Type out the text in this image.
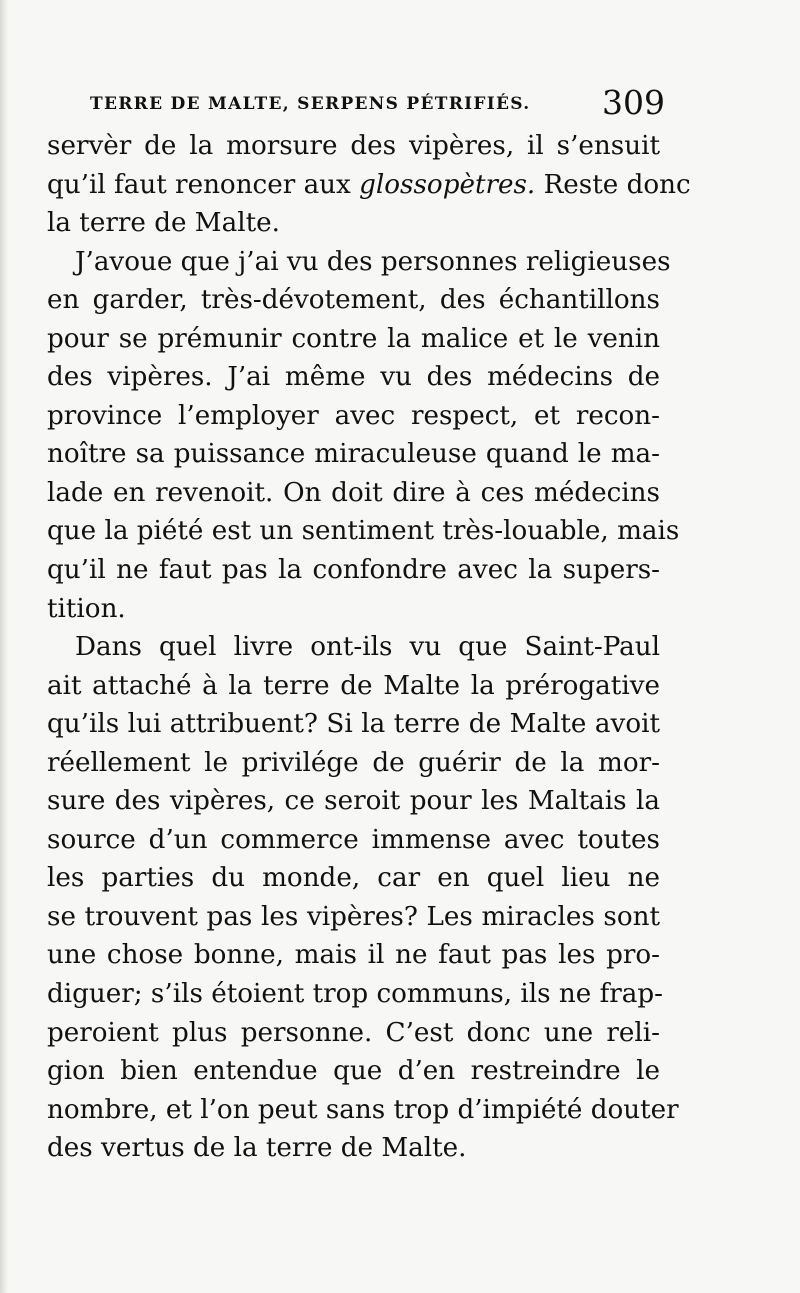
TERRE DE MALTE, SERPENS PÉTRIFIÉS. 309
servèr de la morsure des vipères, il s’ensuit
qu’il faut renoncer aux glossopètres. Reste donc
la terre de Malte.
J’avoue que j’ai vu des personnes religieuses
en garder, très-dévotement, des échantillons
pour se prémunir contre la malice et le venin
des vipères. J’ai même vu des médecins de
province l’employer avec respect, et recon-
noître sa puissance miraculeuse quand le ma-
lade en revenoit. On doit dire à ces médecins
que la piété est un sentiment très-louable, mais
qu’il ne faut pas la confondre avec la supers-
tition.
Dans quel livre ont-ils vu que Saint-Paul
ait attaché à la terre de Malte la prérogative
qu’ils lui attribuent? Si la terre de Malte avoit
réellement le privilége de guérir de la mor-
sure des vipères, ce seroit pour les Maltais la
source d’un commerce immense avec toutes
les parties du monde, car en quel lieu ne
se trouvent pas les vipères? Les miracles sont
une chose bonne, mais il ne faut pas les pro-
diguer; s’ils étoient trop communs, ils ne frap-
peroient plus personne. C’est donc une reli-
gion bien entendue que d’en restreindre le
nombre, et l’on peut sans trop d’impiété douter
des vertus de la terre de Malte.
